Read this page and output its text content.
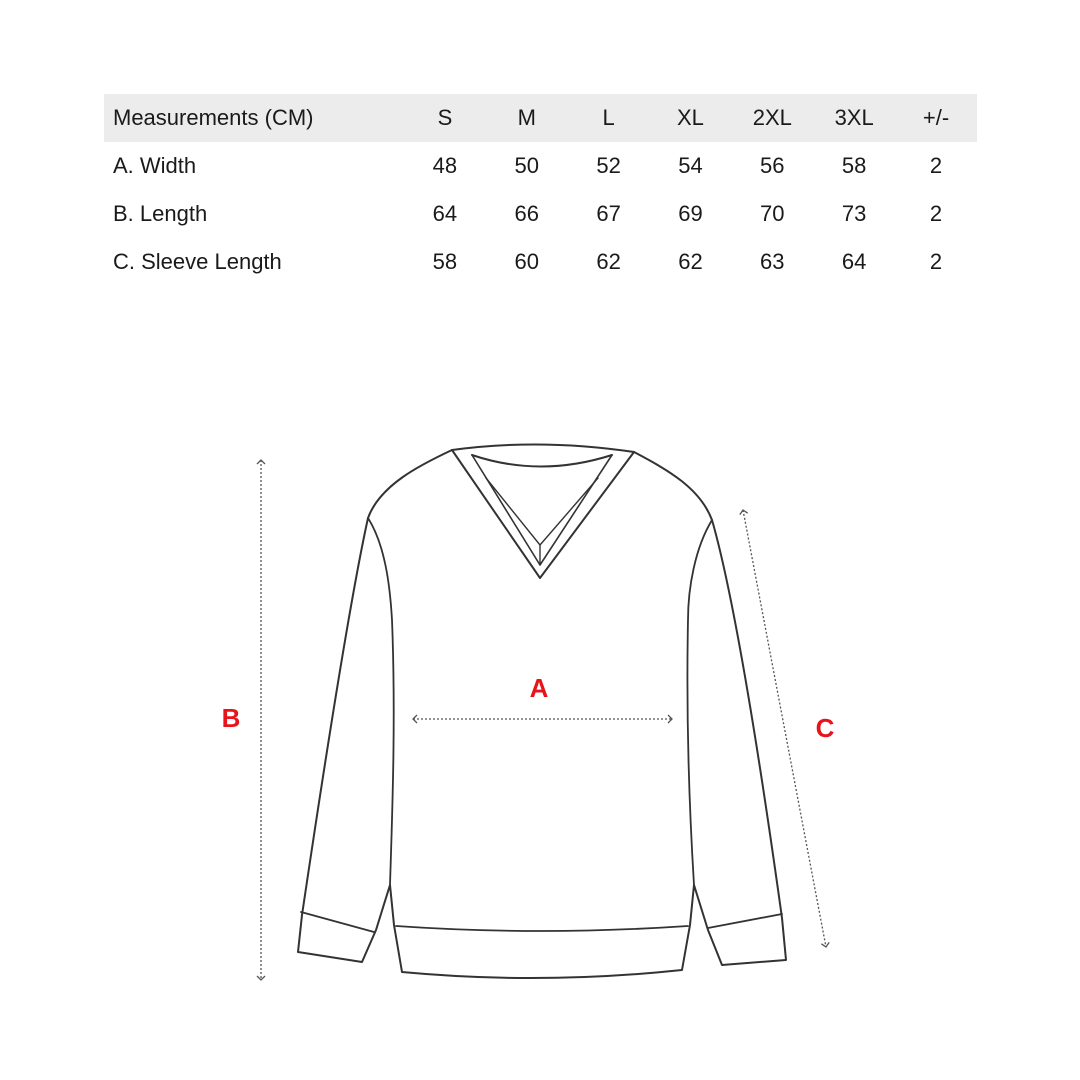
Measurements (CM)	S	M	L	XL	2XL	3XL	+/-
A. Width	48	50	52	54	56	58	2
B. Length	64	66	67	69	70	73	2
C. Sleeve Length	58	60	62	62	63	64	2
A
B	C
